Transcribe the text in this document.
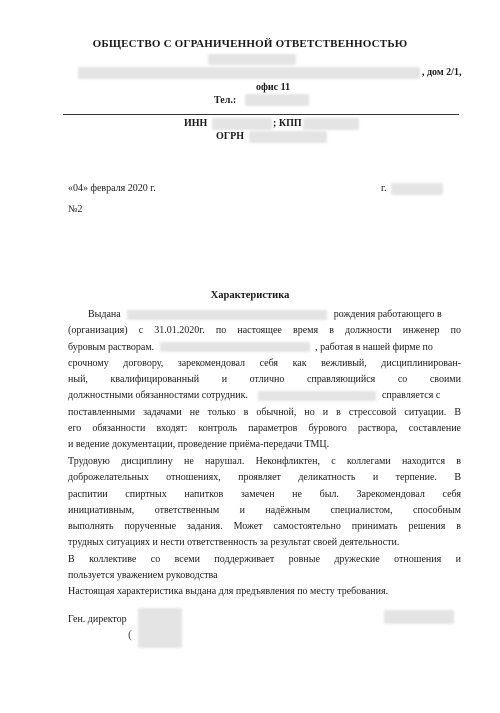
ОБЩЕСТВО С ОГРАНИЧЕННОЙ ОТВЕТСТВЕННОСТЬЮ
, дом 2/1,
офис 11
Тел.:
ИНН	; КПП
ОГРН
«04» февраля 2020 г.	г.
№2
Характеристика
Выдана	рождения работающего в
(организация) с 31.01.2020г. по настоящее время в должности инженер по
буровым растворам.	, работая в нашей фирме по
срочному договору, зарекомендовал себя как вежливый, дисциплинирован-
ный, квалифицированный и отлично справляющийся со своими
должностными обязанностями сотрудник.	справляется с
поставленными задачами не только в обычной, но и в стрессовой ситуации. В
его обязанности входят: контроль параметров бурового раствора, составление
и ведение документации, проведение приёма-передачи ТМЦ.
Трудовую дисциплину не нарушал. Неконфликтен, с коллегами находится в
доброжелательных отношениях, проявляет деликатность и терпение. В
распитии спиртных напитков замечен не был. Зарекомендовал себя
инициативным, ответственным и надёжным специалистом, способным
выполнять порученные задания. Может самостоятельно принимать решения в
трудных ситуациях и нести ответственность за результат своей деятельности.
В коллективе со всеми поддерживает ровные дружеские отношения и
пользуется уважением руководства
Настоящая характеристика выдана для предъявления по месту требования.
Ген. директор
(
